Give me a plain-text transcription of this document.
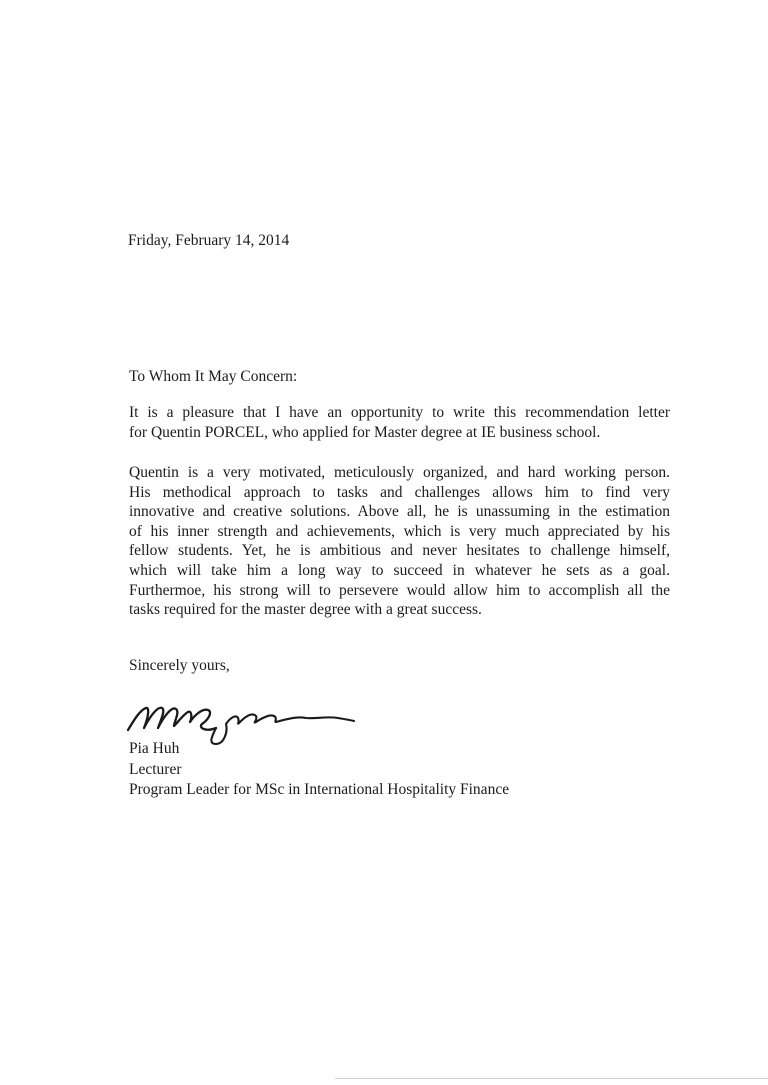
Friday, February 14, 2014
To Whom It May Concern:
It is a pleasure that I have an opportunity to write this recommendation letter
for Quentin PORCEL, who applied for Master degree at IE business school.
Quentin is a very motivated, meticulously organized, and hard working person.
His methodical approach to tasks and challenges allows him to find very
innovative and creative solutions. Above all, he is unassuming in the estimation
of his inner strength and achievements, which is very much appreciated by his
fellow students. Yet, he is ambitious and never hesitates to challenge himself,
which will take him a long way to succeed in whatever he sets as a goal.
Furthermoe, his strong will to persevere would allow him to accomplish all the
tasks required for the master degree with a great success.
Sincerely yours,
Pia Huh
Lecturer
Program Leader for MSc in International Hospitality Finance
